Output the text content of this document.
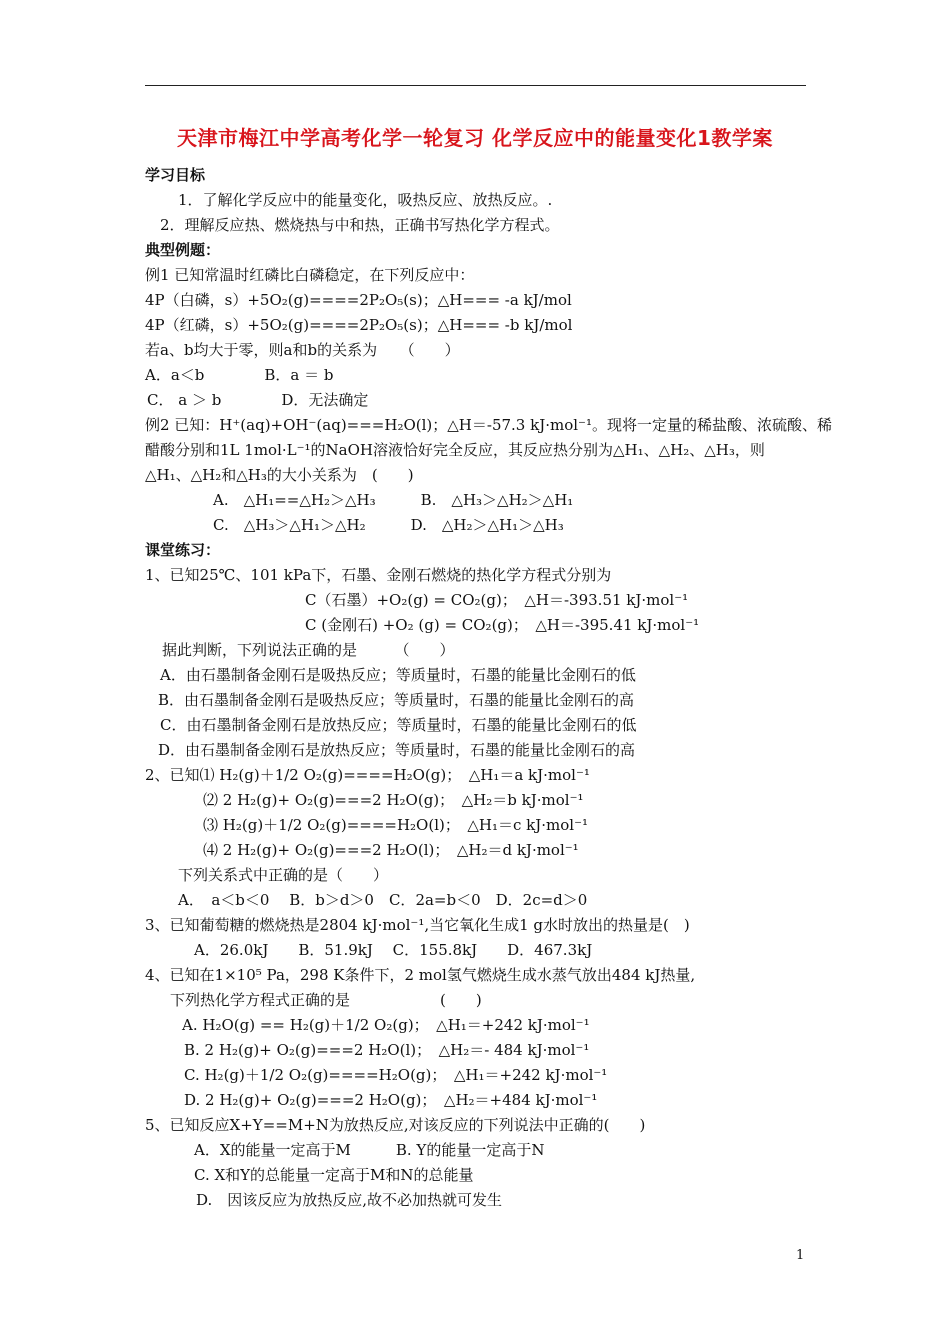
天津市梅江中学高考化学一轮复习 化学反应中的能量变化1教学案
学习目标
1．了解化学反应中的能量变化，吸热反应、放热反应。.
2．理解反应热、燃烧热与中和热，正确书写热化学方程式。
典型例题：
例1 已知常温时红磷比白磷稳定，在下列反应中：
4P（白磷，s）+5O₂(g)====2P₂O₅(s)；△H=== -a kJ/mol
4P（红磷，s）+5O₂(g)====2P₂O₅(s)；△H=== -b kJ/mol
若a、b均大于零，则a和b的关系为　　（　　）
A．a＜b　　　　B．a ＝ b
C． a ＞ b　　　　D．无法确定
例2 已知：H⁺(aq)+OH⁻(aq)===H₂O(l)；△H＝-57.3 kJ·mol⁻¹。现将一定量的稀盐酸、浓硫酸、稀
醋酸分别和1L 1mol·L⁻¹的NaOH溶液恰好完全反应，其反应热分别为△H₁、△H₂、△H₃，则
△H₁、△H₂和△H₃的大小关系为　(　　)
A.　△H₁==△H₂＞△H₃　　　B.　△H₃＞△H₂＞△H₁
C.　△H₃＞△H₁＞△H₂　　　D.　△H₂＞△H₁＞△H₃
课堂练习：
1、已知25℃、101 kPa下，石墨、金刚石燃烧的热化学方程式分别为
C（石墨）+O₂(g) = CO₂(g)；　△H＝-393.51 kJ·mol⁻¹
C (金刚石) +O₂ (g) = CO₂(g)；　△H＝-395.41 kJ·mol⁻¹
据此判断，下列说法正确的是　　　（　　）
A．由石墨制备金刚石是吸热反应；等质量时，石墨的能量比金刚石的低
B．由石墨制备金刚石是吸热反应；等质量时，石墨的能量比金刚石的高
C．由石墨制备金刚石是放热反应；等质量时，石墨的能量比金刚石的低
D．由石墨制备金刚石是放热反应；等质量时，石墨的能量比金刚石的高
2、已知⑴ H₂(g)＋1/2 O₂(g)====H₂O(g)；　△H₁＝a kJ·mol⁻¹
⑵ 2 H₂(g)+ O₂(g)===2 H₂O(g)；　△H₂＝b kJ·mol⁻¹
⑶ H₂(g)＋1/2 O₂(g)====H₂O(l)；　△H₁＝c kJ·mol⁻¹
⑷ 2 H₂(g)+ O₂(g)===2 H₂O(l)；　△H₂＝d kJ·mol⁻¹
下列关系式中正确的是（　　）
A．　a＜b＜0　 B．b＞d＞0　C．2a=b＜0　D．2c=d＞0
3、已知葡萄糖的燃烧热是2804 kJ·mol⁻¹,当它氧化生成1 g水时放出的热量是(　)
A．26.0kJ　　B．51.9kJ　 C．155.8kJ　　D．467.3kJ
4、已知在1×10⁵ Pa，298 K条件下，2 mol氢气燃烧生成水蒸气放出484 kJ热量,
下列热化学方程式正确的是　　　　　　(　　)
A. H₂O(g) == H₂(g)＋1/2 O₂(g)；　△H₁＝+242 kJ·mol⁻¹
B. 2 H₂(g)+ O₂(g)===2 H₂O(l)；　△H₂＝- 484 kJ·mol⁻¹
C. H₂(g)＋1/2 O₂(g)====H₂O(g)；　△H₁＝+242 kJ·mol⁻¹
D. 2 H₂(g)+ O₂(g)===2 H₂O(g)；　△H₂＝+484 kJ·mol⁻¹
5、已知反应X+Y==M+N为放热反应,对该反应的下列说法中正确的(　　)
A．X的能量一定高于M　　　B. Y的能量一定高于N
C. X和Y的总能量一定高于M和N的总能量
D.　因该反应为放热反应,故不必加热就可发生
1
